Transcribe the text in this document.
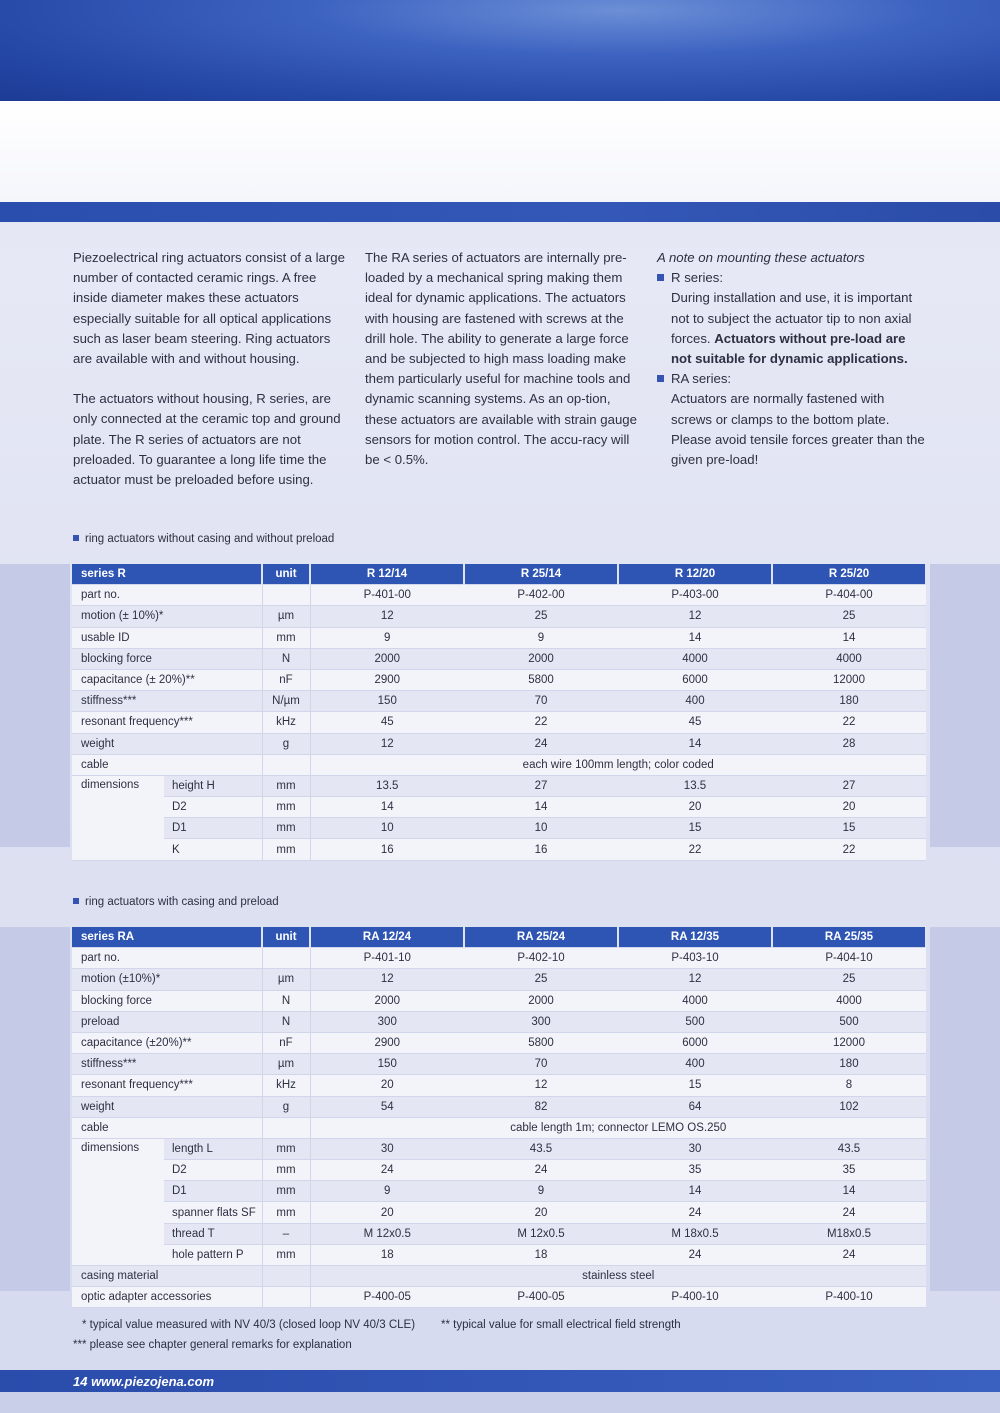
Piezoelectrical ring actuators consist of a large number of contacted ceramic rings. A free inside diameter makes these actuators especially suitable for all optical applications such as laser beam steering. Ring actuators are available with and without housing.

The actuators without housing, R series, are only connected at the ceramic top and ground plate. The R series of actuators are not preloaded. To guarantee a long life time the actuator must be preloaded before using.

The RA series of actuators are internally pre-loaded by a mechanical spring making them ideal for dynamic applications. The actuators with housing are fastened with screws at the drill hole. The ability to generate a large force and be subjected to high mass loading make them particularly useful for machine tools and dynamic scanning systems. As an op-tion, these actuators are available with strain gauge sensors for motion control. The accu-racy will be < 0.5%.

A note on mounting these actuators
R series:
During installation and use, it is important not to subject the actuator tip to non axial forces. Actuators without pre-load are not suitable for dynamic applications.
RA series:
Actuators are normally fastened with screws or clamps to the bottom plate. Please avoid tensile forces greater than the given pre-load!
ring actuators without casing and without preload
series R		unit	R 12/14	R 25/14	R 12/20	R 25/20
part no.			P-401-00	P-402-00	P-403-00	P-404-00
motion (± 10%)*		µm	12	25	12	25
usable ID		mm	9	9	14	14
blocking force		N	2000	2000	4000	4000
capacitance (± 20%)**		nF	2900	5800	6000	12000
stiffness***		N/µm	150	70	400	180
resonant frequency***		kHz	45	22	45	22
weight		g	12	24	14	28
cable			each wire 100mm length; color coded			
dimensions	height H	mm	13.5	27	13.5	27
	D2	mm	14	14	20	20
	D1	mm	10	10	15	15
	K	mm	16	16	22	22
ring actuators with casing and preload
series RA		unit	RA 12/24	RA 25/24	RA 12/35	RA 25/35
part no.			P-401-10	P-402-10	P-403-10	P-404-10
motion (±10%)*		µm	12	25	12	25
blocking force		N	2000	2000	4000	4000
preload		N	300	300	500	500
capacitance (±20%)**		nF	2900	5800	6000	12000
stiffness***		µm	150	70	400	180
resonant frequency***		kHz	20	12	15	8
weight		g	54	82	64	102
cable			cable length 1m; connector LEMO OS.250			
dimensions	length L	mm	30	43.5	30	43.5
	D2	mm	24	24	35	35
	D1	mm	9	9	14	14
	spanner flats SF	mm	20	20	24	24
	thread T	–	M 12x0.5	M 12x0.5	M 18x0.5	M18x0.5
	hole pattern P	mm	18	18	24	24
casing material			stainless steel			
optic adapter accessories			P-400-05	P-400-05	P-400-10	P-400-10
* typical value measured with NV 40/3 (closed loop NV 40/3 CLE) ** typical value for small electrical field strength
*** please see chapter general remarks for explanation
14 www.piezojena.com
